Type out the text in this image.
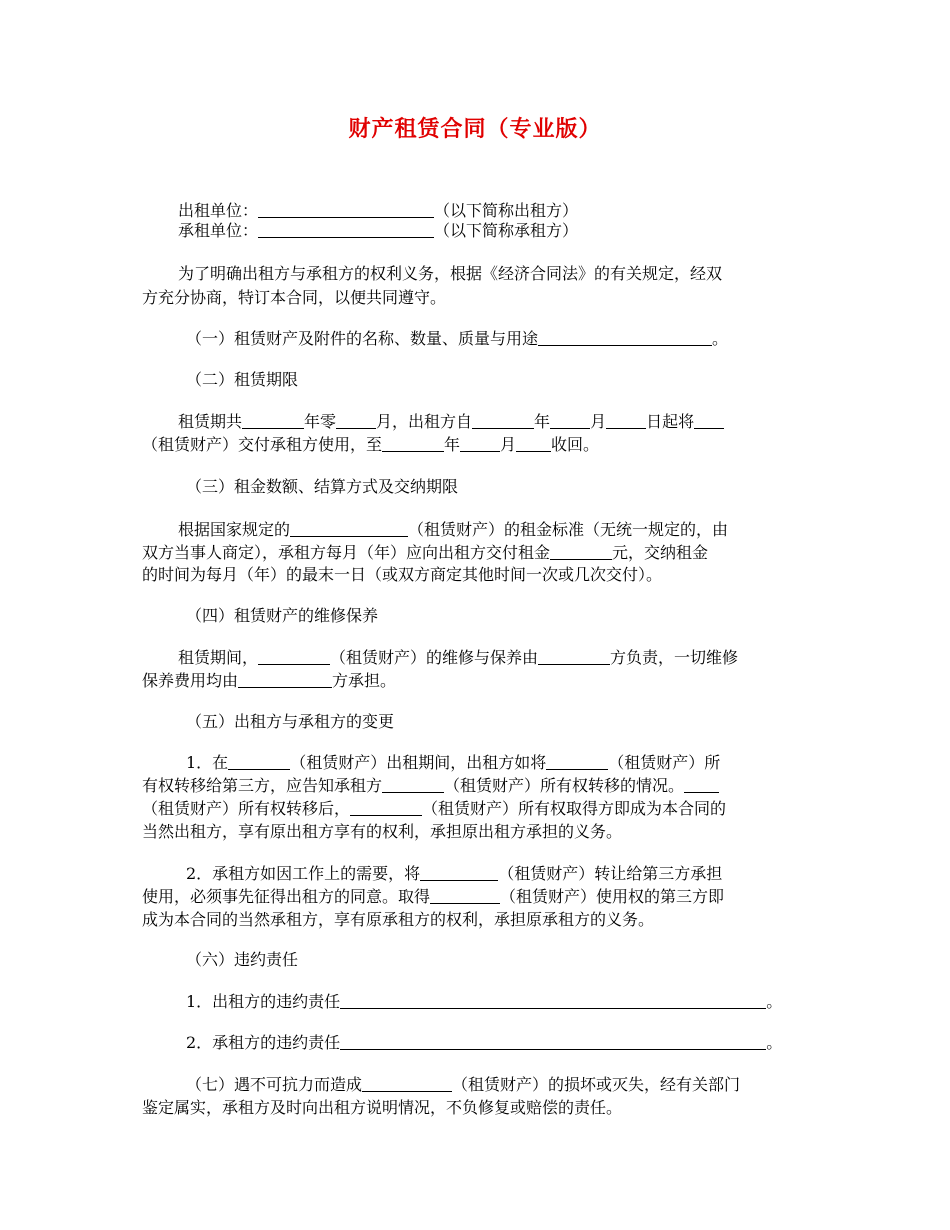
财产租赁合同（专业版）

出租单位：	（以下简称出租方）

承租单位：	（以下简称承租方）

为了明确出租方与承租方的权利义务，根据《经济合同法》的有关规定，经双

方充分协商，特订本合同，以便共同遵守。

（一）租赁财产及附件的名称、数量、质量与用途	。

（二）租赁期限

租赁期共	年零	月，出租方自	年	月	日起将

（租赁财产）交付承租方使用，至	年	月 收回。

（三）租金数额、结算方式及交纳期限

根据国家规定的	（租赁财产）的租金标准（无统一规定的，由

双方当事人商定），承租方每月（年）应向出租方交付租金	元，交纳租金

的时间为每月（年）的最末一日（或双方商定其他时间一次或几次交付）。

（四）租赁财产的维修保养

租赁期间，	（租赁财产）的维修与保养由	方负责，一切维修

保养费用均由	方承担。

（五）出租方与承租方的变更

1．在	（租赁财产）出租期间，出租方如将	（租赁财产）所

有权转移给第三方，应告知承租方	（租赁财产）所有权转移的情况。

（租赁财产）所有权转移后，	（租赁财产）所有权取得方即成为本合同的

当然出租方，享有原出租方享有的权利，承担原出租方承担的义务。

2．承租方如因工作上的需要，将	（租赁财产）转让给第三方承担

使用，必须事先征得出租方的同意。取得	（租赁财产）使用权的第三方即

成为本合同的当然承租方，享有原承租方的权利，承担原承租方的义务。

（六）违约责任

1．出租方的违约责任	。

2．承租方的违约责任	。

（七）遇不可抗力而造成	（租赁财产）的损坏或灭失，经有关部门

鉴定属实，承租方及时向出租方说明情况，不负修复或赔偿的责任。
